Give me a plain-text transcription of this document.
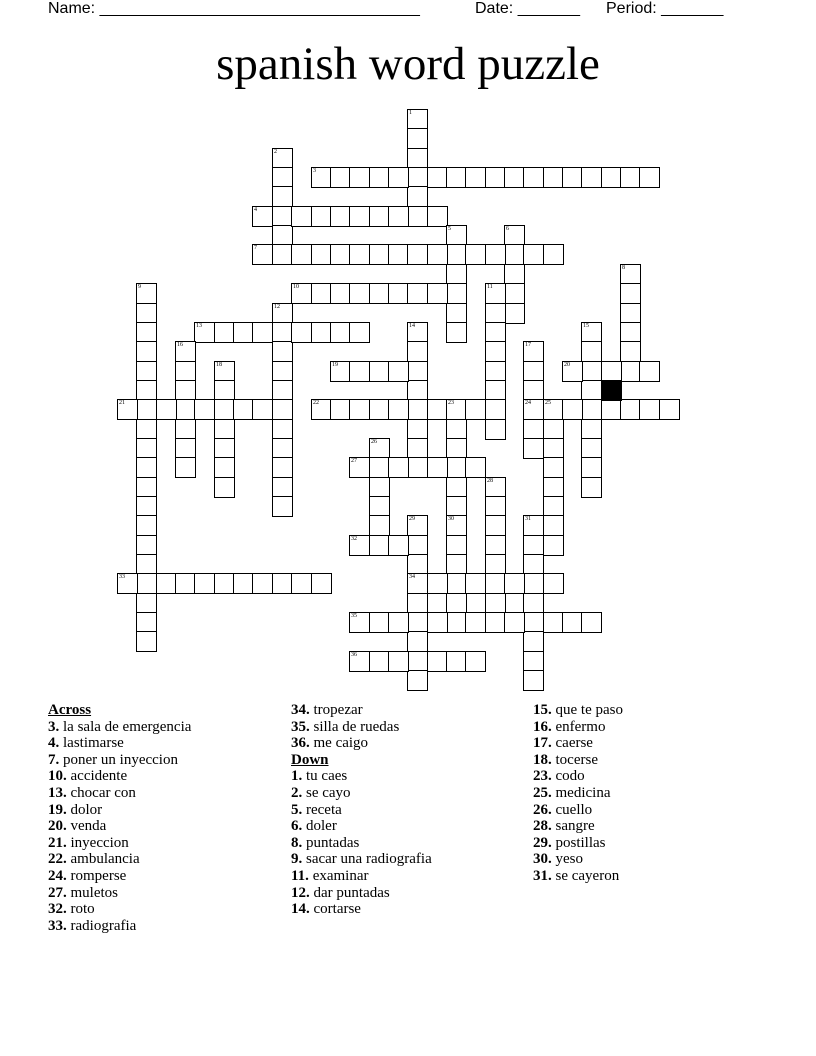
Name: ____________________________________	Date: _______ Period: _______
spanish word puzzle
1
2
3
4
5	6
7
8
9	10	11
12
13	14	15
16	17
24
18	19	20
21	22	23	25
26
27
28
29
34
30	31
32
33
35
36
Across
3. la sala de emergencia
4. lastimarse
7. poner un inyeccion
10. accidente
13. chocar con
19. dolor
20. venda
21. inyeccion
22. ambulancia
24. romperse
27. muletos
32. roto
33. radiografia
34. tropezar
35. silla de ruedas
36. me caigo
Down
1. tu caes
2. se cayo
5. receta
6. doler
8. puntadas
9. sacar una radiografia
11. examinar
12. dar puntadas
14. cortarse
15. que te paso
16. enfermo
17. caerse
18. tocerse
23. codo
25. medicina
26. cuello
28. sangre
29. postillas
30. yeso
31. se cayeron
